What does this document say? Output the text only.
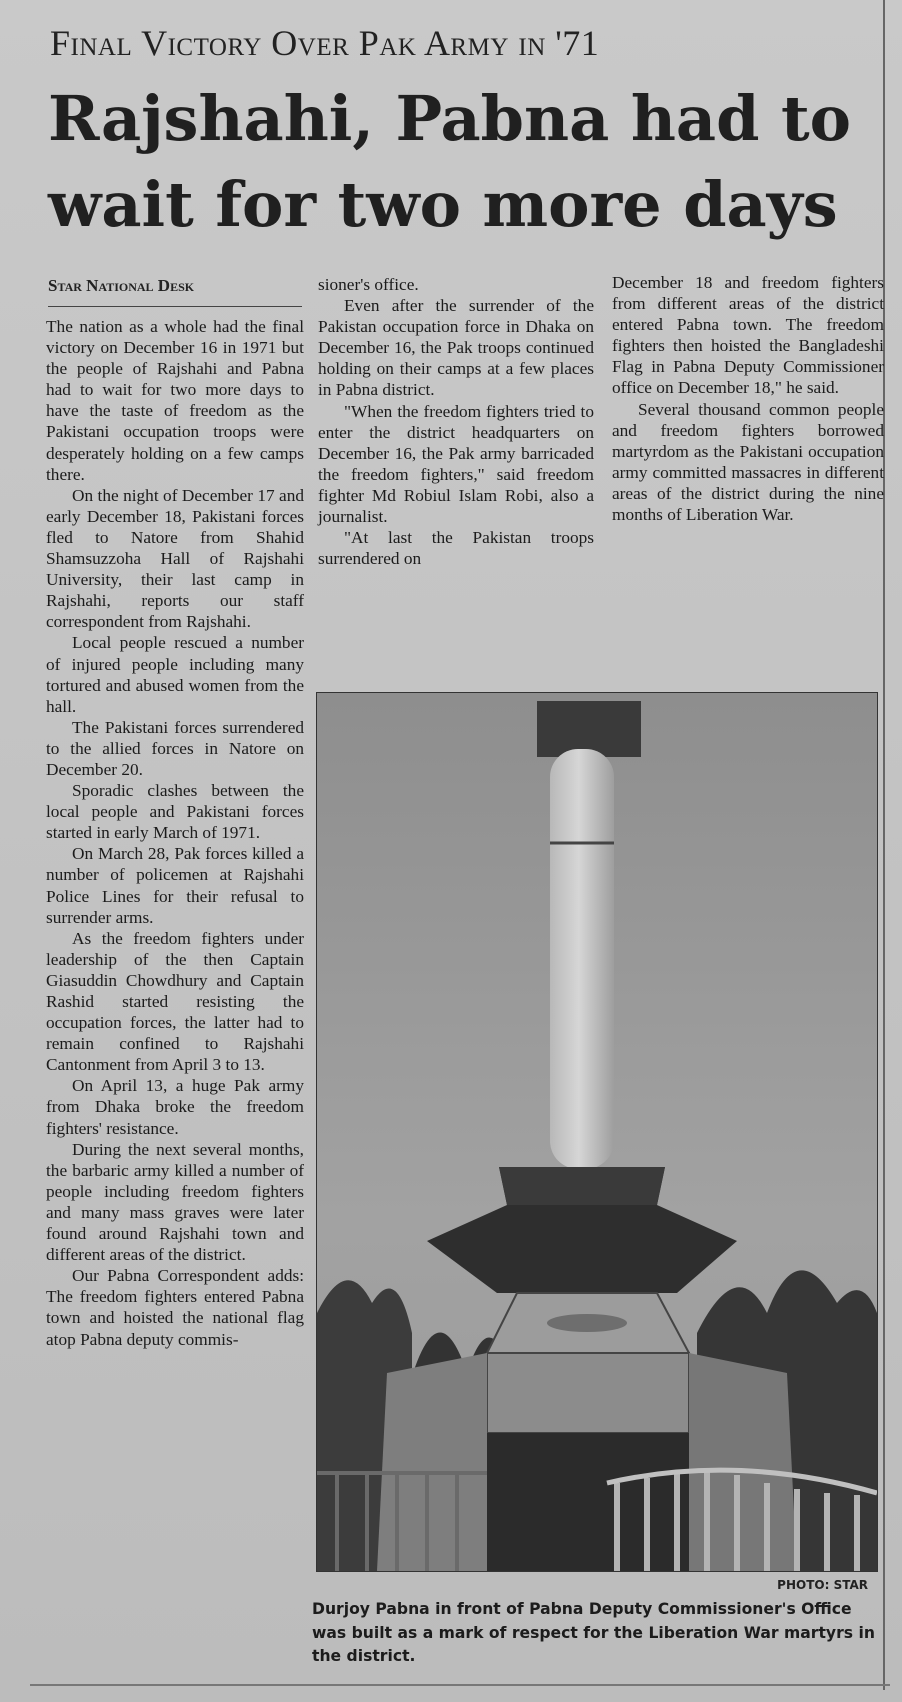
Final Victory Over Pak Army in '71
Rajshahi, Pabna had to wait for two more days
Star National Desk

The nation as a whole had the final victory on December 16 in 1971 but the people of Rajshahi and Pabna had to wait for two more days to have the taste of freedom as the Pakistani occupation troops were desperately holding on a few camps there.

On the night of December 17 and early December 18, Pakistani forces fled to Natore from Shahid Shamsuzzoha Hall of Rajshahi University, their last camp in Rajshahi, reports our staff correspondent from Rajshahi.

Local people rescued a number of injured people including many tortured and abused women from the hall.

The Pakistani forces surrendered to the allied forces in Natore on December 20.

Sporadic clashes between the local people and Pakistani forces started in early March of 1971.

On March 28, Pak forces killed a number of policemen at Rajshahi Police Lines for their refusal to surrender arms.

As the freedom fighters under leadership of the then Captain Giasuddin Chowdhury and Captain Rashid started resisting the occupation forces, the latter had to remain confined to Rajshahi Cantonment from April 3 to 13.

On April 13, a huge Pak army from Dhaka broke the freedom fighters' resistance.

During the next several months, the barbaric army killed a number of people including freedom fighters and many mass graves were later found around Rajshahi town and different areas of the district.

Our Pabna Correspondent adds: The freedom fighters entered Pabna town and hoisted the national flag atop Pabna deputy commis-

sioner's office.

Even after the surrender of the Pakistan occupation force in Dhaka on December 16, the Pak troops continued holding on their camps at a few places in Pabna district.

"When the freedom fighters tried to enter the district headquarters on December 16, the Pak army barricaded the freedom fighters," said freedom fighter Md Robiul Islam Robi, also a journalist.

"At last the Pakistan troops surrendered on

December 18 and freedom fighters from different areas of the district entered Pabna town. The freedom fighters then hoisted the Bangladeshi Flag in Pabna Deputy Commissioner office on December 18," he said.

Several thousand common people and freedom fighters borrowed martyrdom as the Pakistani occupation army committed massacres in different areas of the district during the nine months of Liberation War.

PHOTO: STAR
Durjoy Pabna in front of Pabna Deputy Commissioner's Office was built as a mark of respect for the Liberation War martyrs in the district.
